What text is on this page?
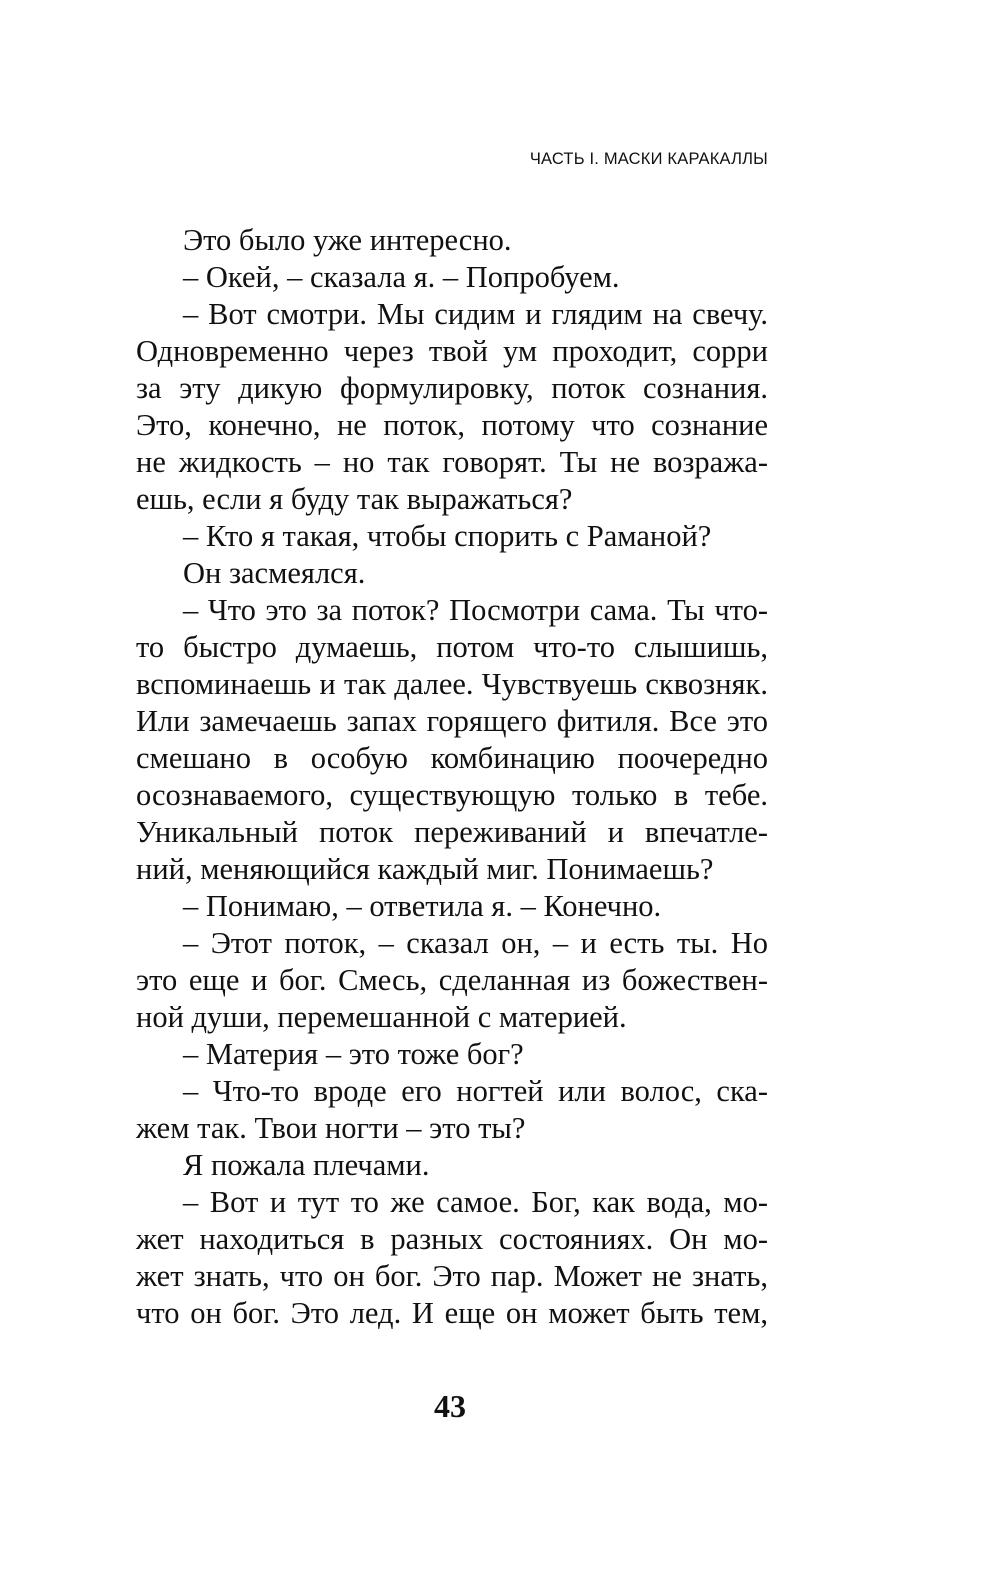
ЧАСТЬ I. МАСКИ КАРАКАЛЛЫ
Это было уже интересно.
– Окей, – сказала я. – Попробуем.
– Вот смотри. Мы сидим и глядим на свечу.
Одновременно через твой ум проходит, сорри
за эту дикую формулировку, поток сознания.
Это, конечно, не поток, потому что сознание
не жидкость – но так говорят. Ты не возража-
ешь, если я буду так выражаться?
– Кто я такая, чтобы спорить с Раманой?
Он засмеялся.
– Что это за поток? Посмотри сама. Ты что-
то быстро думаешь, потом что-то слышишь,
вспоминаешь и так далее. Чувствуешь сквозняк.
Или замечаешь запах горящего фитиля. Все это
смешано в особую комбинацию поочередно
осознаваемого, существующую только в тебе.
Уникальный поток переживаний и впечатле-
ний, меняющийся каждый миг. Понимаешь?
– Понимаю, – ответила я. – Конечно.
– Этот поток, – сказал он, – и есть ты. Но
это еще и бог. Смесь, сделанная из божествен-
ной души, перемешанной с материей.
– Материя – это тоже бог?
– Что-то вроде его ногтей или волос, ска-
жем так. Твои ногти – это ты?
Я пожала плечами.
– Вот и тут то же самое. Бог, как вода, мо-
жет находиться в разных состояниях. Он мо-
жет знать, что он бог. Это пар. Может не знать,
что он бог. Это лед. И еще он может быть тем,
43
